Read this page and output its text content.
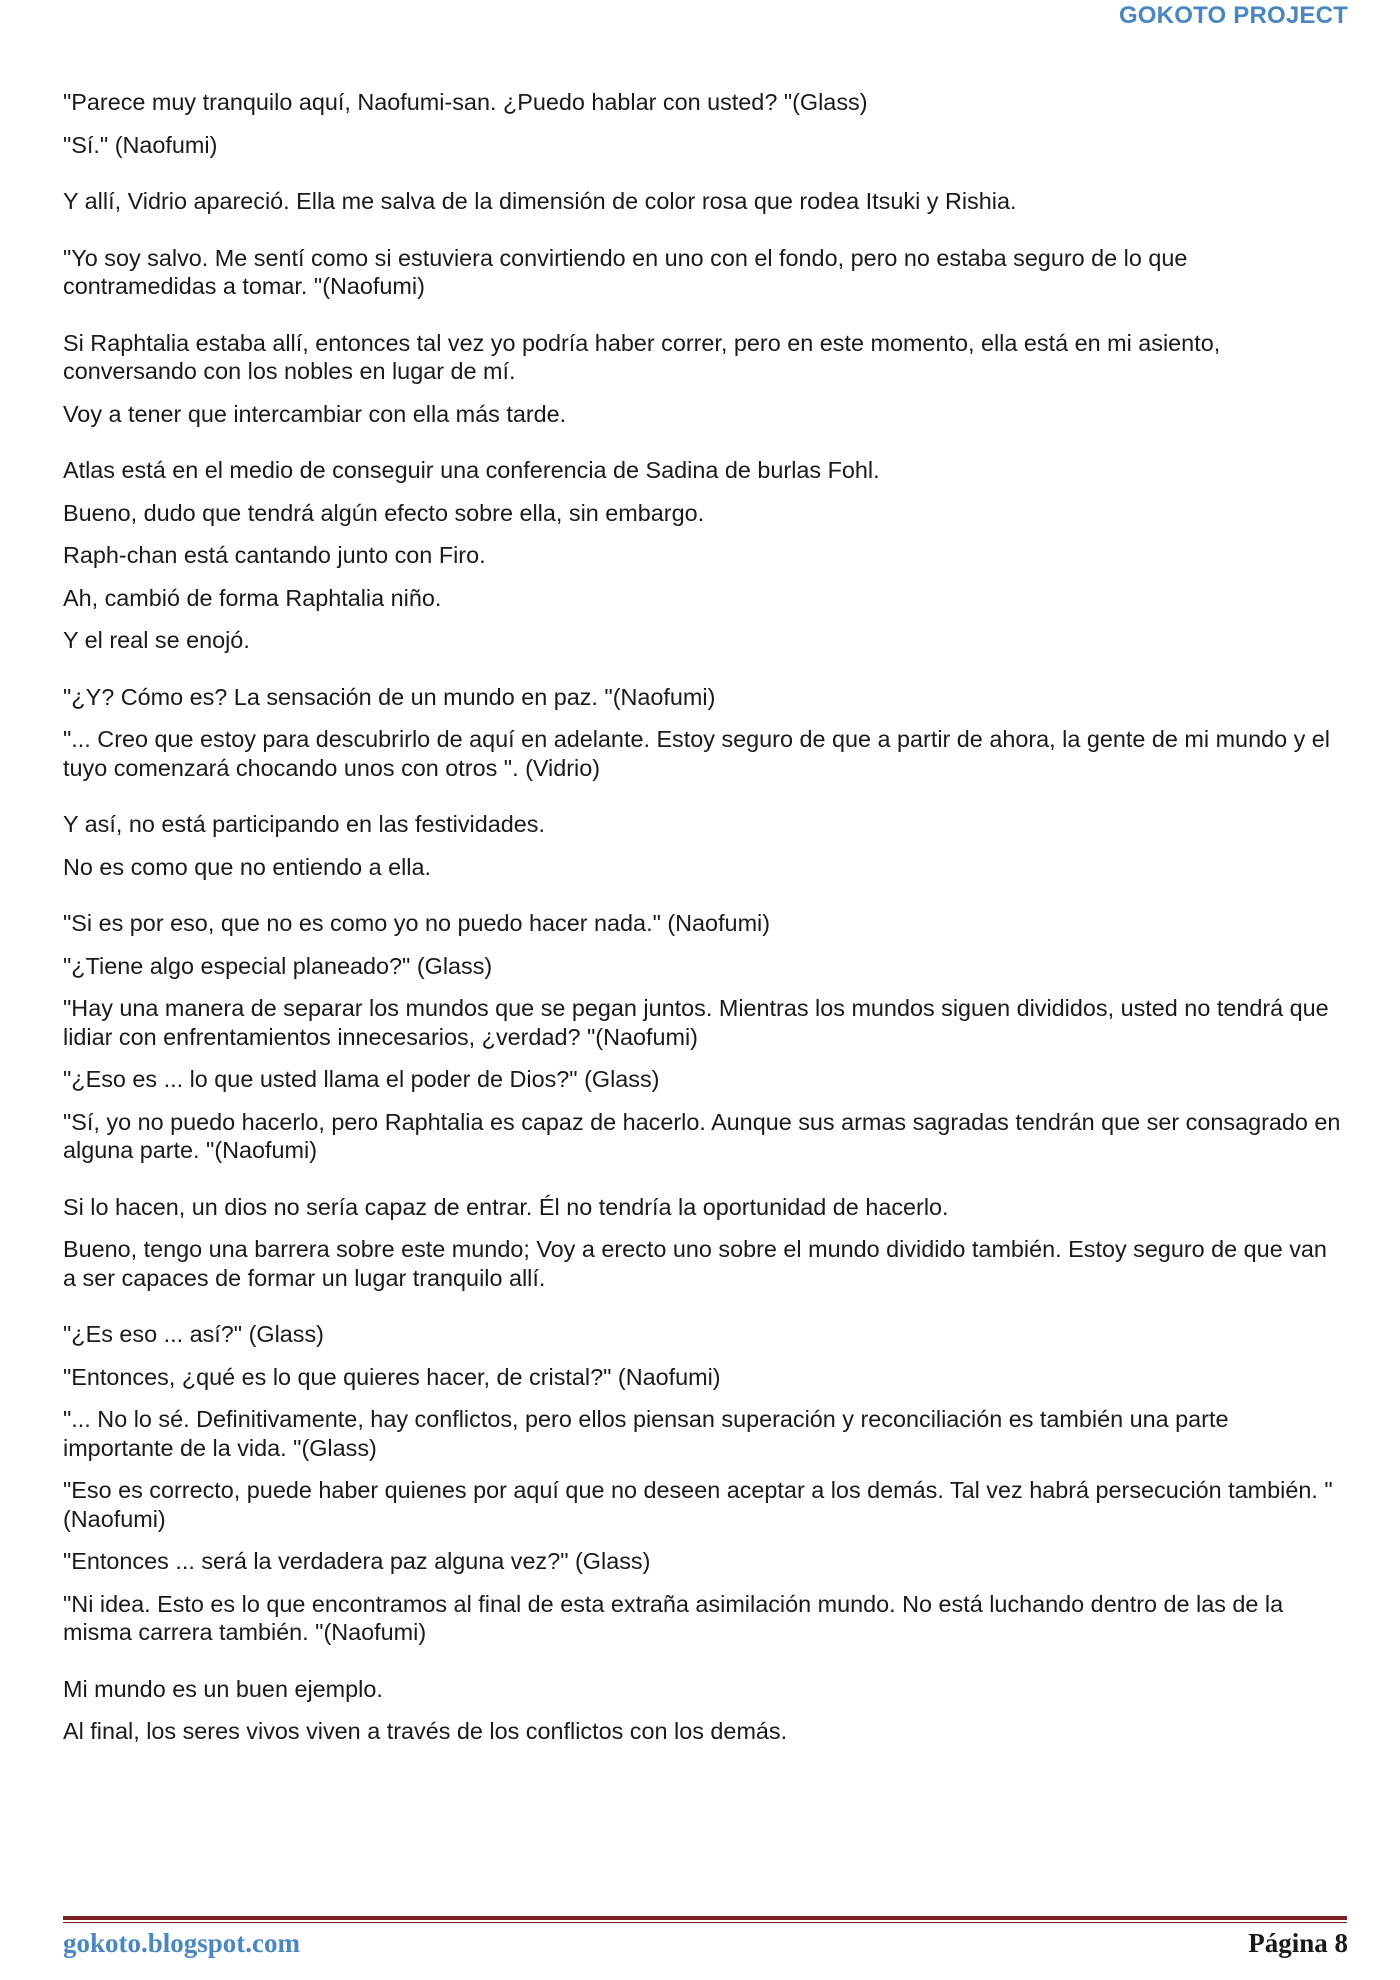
GOKOTO PROJECT

"Parece muy tranquilo aquí, Naofumi-san. ¿Puedo hablar con usted? "(Glass)

"Sí." (Naofumi)

Y allí, Vidrio apareció. Ella me salva de la dimensión de color rosa que rodea Itsuki y Rishia.

"Yo soy salvo. Me sentí como si estuviera convirtiendo en uno con el fondo, pero no estaba seguro de lo que contramedidas a tomar. "(Naofumi)

Si Raphtalia estaba allí, entonces tal vez yo podría haber correr, pero en este momento, ella está en mi asiento, conversando con los nobles en lugar de mí.

Voy a tener que intercambiar con ella más tarde.

Atlas está en el medio de conseguir una conferencia de Sadina de burlas Fohl.

Bueno, dudo que tendrá algún efecto sobre ella, sin embargo.

Raph-chan está cantando junto con Firo.

Ah, cambió de forma Raphtalia niño.

Y el real se enojó.

"¿Y? Cómo es? La sensación de un mundo en paz. "(Naofumi)

"... Creo que estoy para descubrirlo de aquí en adelante. Estoy seguro de que a partir de ahora, la gente de mi mundo y el tuyo comenzará chocando unos con otros ". (Vidrio)

Y así, no está participando en las festividades.

No es como que no entiendo a ella.

"Si es por eso, que no es como yo no puedo hacer nada." (Naofumi)

"¿Tiene algo especial planeado?" (Glass)

"Hay una manera de separar los mundos que se pegan juntos. Mientras los mundos siguen divididos, usted no tendrá que lidiar con enfrentamientos innecesarios, ¿verdad? "(Naofumi)

"¿Eso es ... lo que usted llama el poder de Dios?" (Glass)

"Sí, yo no puedo hacerlo, pero Raphtalia es capaz de hacerlo. Aunque sus armas sagradas tendrán que ser consagrado en alguna parte. "(Naofumi)

Si lo hacen, un dios no sería capaz de entrar. Él no tendría la oportunidad de hacerlo.

Bueno, tengo una barrera sobre este mundo; Voy a erecto uno sobre el mundo dividido también. Estoy seguro de que van a ser capaces de formar un lugar tranquilo allí.

"¿Es eso ... así?" (Glass)

"Entonces, ¿qué es lo que quieres hacer, de cristal?" (Naofumi)

"... No lo sé. Definitivamente, hay conflictos, pero ellos piensan superación y reconciliación es también una parte importante de la vida. "(Glass)

"Eso es correcto, puede haber quienes por aquí que no deseen aceptar a los demás. Tal vez habrá persecución también. "(Naofumi)

"Entonces ... será la verdadera paz alguna vez?" (Glass)

"Ni idea. Esto es lo que encontramos al final de esta extraña asimilación mundo. No está luchando dentro de las de la misma carrera también. "(Naofumi)

Mi mundo es un buen ejemplo.

Al final, los seres vivos viven a través de los conflictos con los demás.

gokoto.blogspot.com	Página 8
